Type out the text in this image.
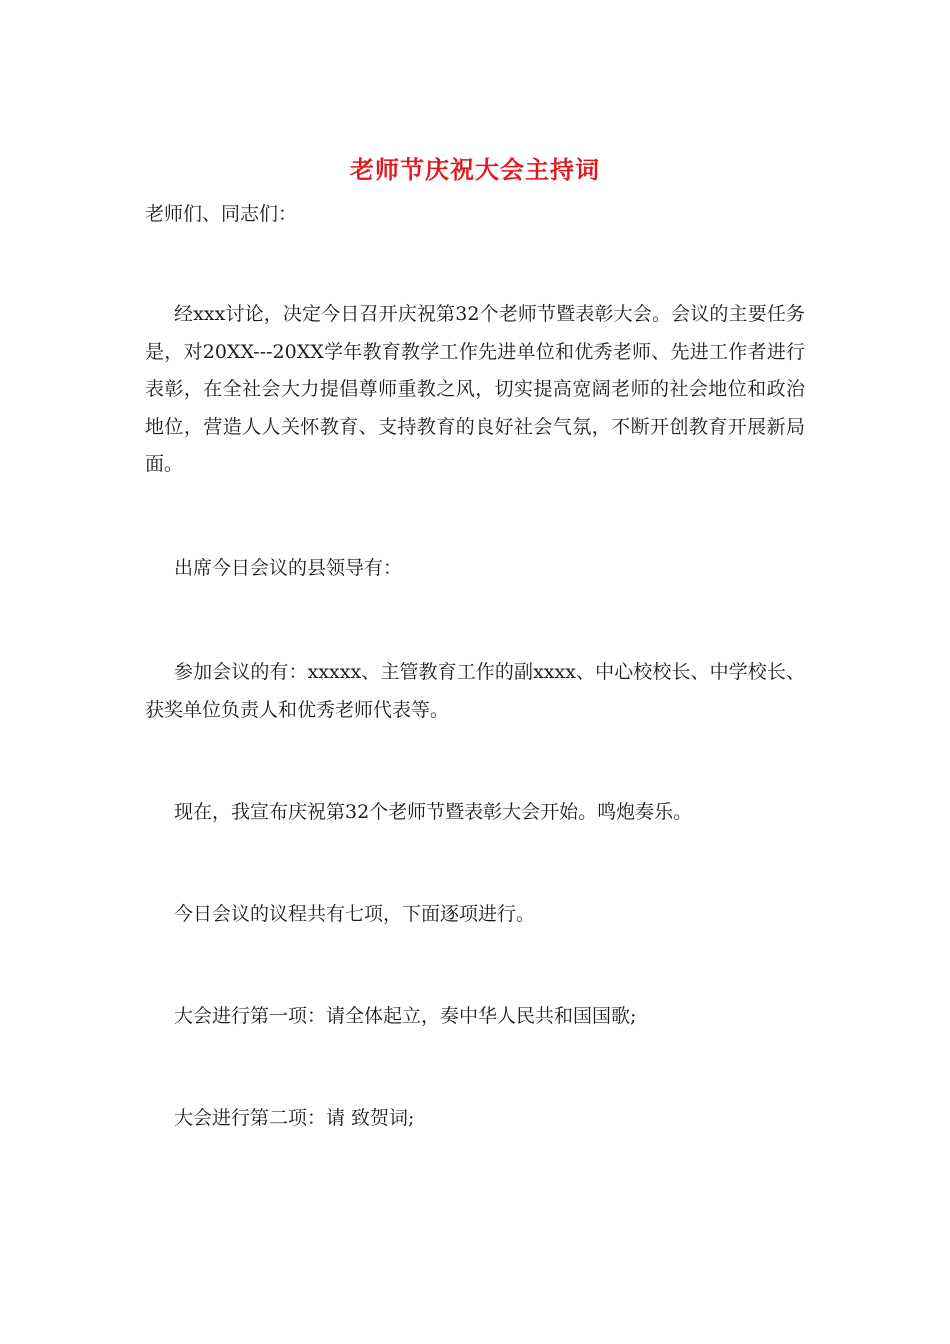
老师节庆祝大会主持词

老师们、同志们：

经xxx讨论，决定今日召开庆祝第32个老师节暨表彰大会。会议的主要任务是，对20XX---20XX学年教育教学工作先进单位和优秀老师、先进工作者进行表彰，在全社会大力提倡尊师重教之风，切实提高宽阔老师的社会地位和政治地位，营造人人关怀教育、支持教育的良好社会气氛，不断开创教育开展新局面。

出席今日会议的县领导有：

参加会议的有：xxxxx、主管教育工作的副xxxx、中心校校长、中学校长、获奖单位负责人和优秀老师代表等。

现在，我宣布庆祝第32个老师节暨表彰大会开始。鸣炮奏乐。

今日会议的议程共有七项，下面逐项进行。

大会进行第一项：请全体起立，奏中华人民共和国国歌;

大会进行第二项：请 致贺词;
